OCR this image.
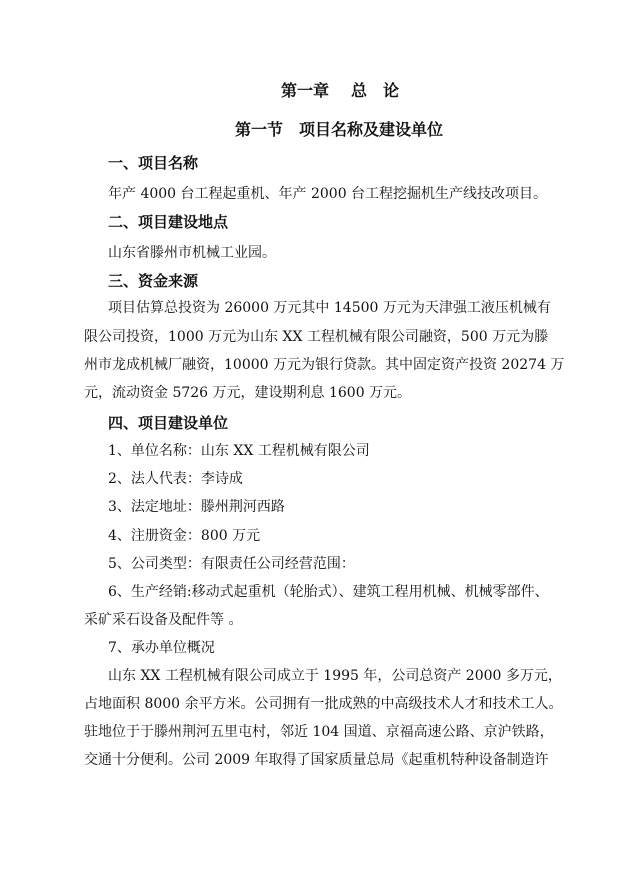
第一章 总 论
第一节 项目名称及建设单位
一、项目名称
年产 4000 台工程起重机、年产 2000 台工程挖掘机生产线技改项目。
二、项目建设地点
山东省滕州市机械工业园。
三、资金来源
项目估算总投资为 26000 万元其中 14500 万元为天津强工液压机械有
限公司投资，1000 万元为山东 XX 工程机械有限公司融资，500 万元为滕
州市龙成机械厂融资，10000 万元为银行贷款。其中固定资产投资 20274 万
元，流动资金 5726 万元，建设期利息 1600 万元。
四、项目建设单位
1、单位名称：山东 XX 工程机械有限公司
2、法人代表：李诗成
3、法定地址：滕州荆河西路
4、注册资金：800 万元
5、公司类型：有限责任公司经营范围：
6、生产经销:移动式起重机（轮胎式）、建筑工程用机械、机械零部件、
采矿采石设备及配件等 。
7、承办单位概况
山东 XX 工程机械有限公司成立于 1995 年，公司总资产 2000 多万元，
占地面积 8000 余平方米。公司拥有一批成熟的中高级技术人才和技术工人。
驻地位于于滕州荆河五里屯村，邻近 104 国道、京福高速公路、京沪铁路，
交通十分便利。公司 2009 年取得了国家质量总局《起重机特种设备制造许
